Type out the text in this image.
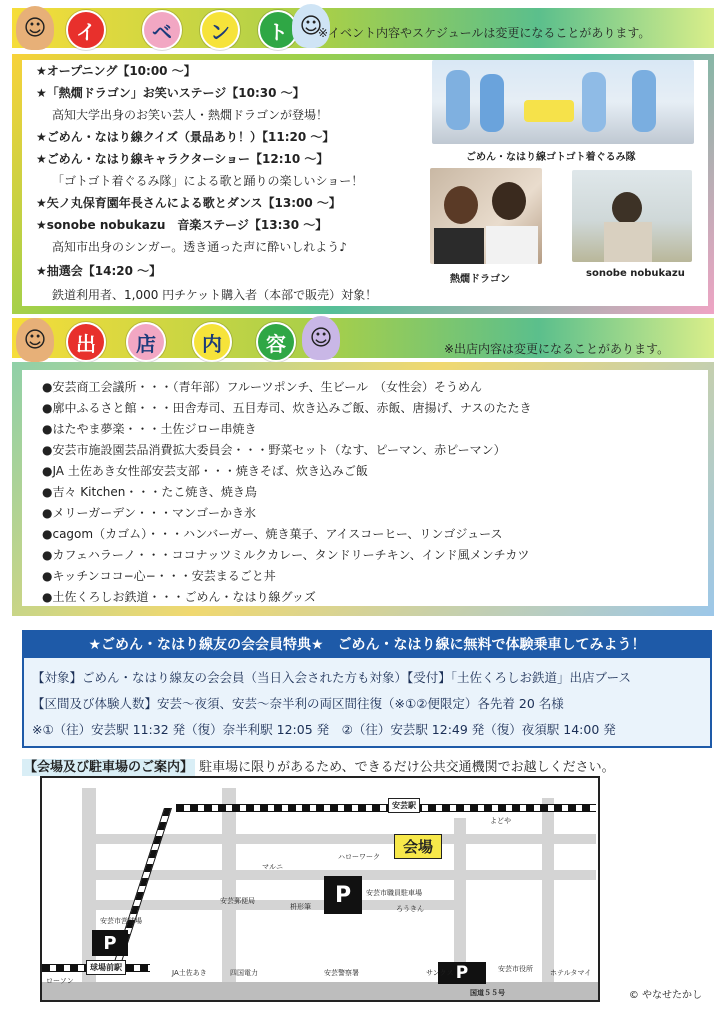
☺	イ	ベ	ン	ト ☺
※イベント内容やスケジュールは変更になることがあります。
★オープニング【10:00 〜】
★「熱燗ドラゴン」お笑いステージ【10:30 〜】
高知大学出身のお笑い芸人・熱燗ドラゴンが登場！
★ごめん・なはり線クイズ（景品あり！）【11:20 〜】
★ごめん・なはり線キャラクターショー【12:10 〜】
「ゴトゴト着ぐるみ隊」による歌と踊りの楽しいショー！
★矢ノ丸保育園年長さんによる歌とダンス【13:00 〜】
★sonobe nobukazu　音楽ステージ【13:30 〜】
高知市出身のシンガー。透き通った声に酔いしれよう♪
★抽選会【14:20 〜】
鉄道利用者、1,000 円チケット購入者（本部で販売）対象！
ごめん・なはり線ゴトゴト着ぐるみ隊
熱燗ドラゴン
sonobe nobukazu
☺	出	店	内	容	☺	※出店内容は変更になることがあります。
●安芸商工会議所・・・（青年部）フルーツポンチ、生ビール　（女性会）そうめん
●廓中ふるさと館・・・田舎寿司、五目寿司、炊き込みご飯、赤飯、唐揚げ、ナスのたたき
●はたやま夢楽・・・土佐ジロー串焼き
●安芸市施設園芸品消費拡大委員会・・・野菜セット（なす、ピーマン、赤ピーマン）
●JA 土佐あき女性部安芸支部・・・焼きそば、炊き込みご飯
●吉々 Kitchen・・・たこ焼き、焼き鳥
●メリーガーデン・・・マンゴーかき氷
●cagom（カゴム）・・・ハンバーガー、焼き菓子、アイスコーヒー、リンゴジュース
●カフェハラーノ・・・ココナッツミルクカレー、タンドリーチキン、インド風メンチカツ
●キッチンココ−心−・・・安芸まるごと丼
●土佐くろしお鉄道・・・ごめん・なはり線グッズ
★ごめん・なはり線友の会会員特典★　ごめん・なはり線に無料で体験乗車してみよう！
【対象】ごめん・なはり線友の会会員（当日入会された方も対象）【受付】「土佐くろしお鉄道」出店ブース
【区間及び体験人数】安芸〜夜須、安芸〜奈半利の両区間往復（※①②便限定）各先着 20 名様
※①（往）安芸駅 11:32 発（復）奈半利駅 12:05 発　②（往）安芸駅 12:49 発（復）夜須駅 14:00 発
【会場及び駐車場のご案内】 駐車場に限りがあるため、できるだけ公共交通機関でお越しください。
安芸駅
球場前駅
会場
P
P
P
よどや
マルニ
ハローワーク
安芸郵便局
枡形筆
安芸市職員駐車場
ろうきん
安芸市営球場
JA土佐あき	四国電力	安芸警察署	サンクス	安芸市役所 ホテルタマイ
ローソン
国道５５号	© やなせたかし
